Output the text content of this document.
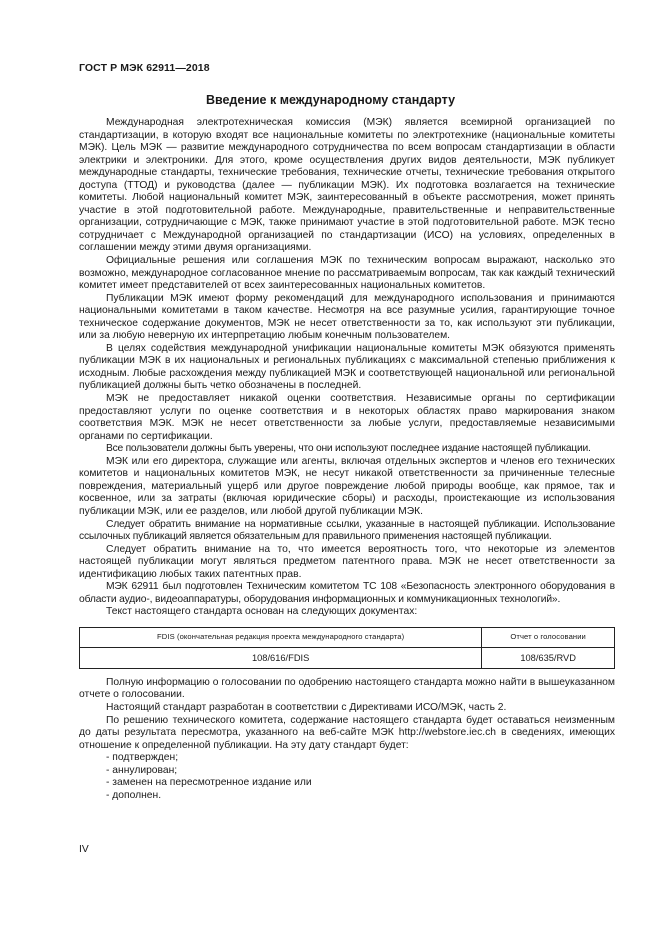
ГОСТ Р МЭК 62911—2018
Введение к международному стандарту

Международная электротехническая комиссия (МЭК) является всемирной организацией по стандартизации, в которую входят все национальные комитеты по электротехнике (национальные комитеты МЭК). Цель МЭК — развитие международного сотрудничества по всем вопросам стандартизации в области электрики и электроники. Для этого, кроме осуществления других видов деятельности, МЭК публикует международные стандарты, технические требования, технические отчеты, технические требования открытого доступа (ТТОД) и руководства (далее — публикации МЭК). Их подготовка возлагается на технические комитеты. Любой национальный комитет МЭК, заинтересованный в объекте рассмотрения, может принять участие в этой подготовительной работе. Международные, правительственные и неправительственные организации, сотрудничающие с МЭК, также принимают участие в этой подготовительной работе. МЭК тесно сотрудничает с Международной организацией по стандартизации (ИСО) на условиях, определенных в соглашении между этими двумя организациями.

Официальные решения или соглашения МЭК по техническим вопросам выражают, насколько это возможно, международное согласованное мнение по рассматриваемым вопросам, так как каждый технический комитет имеет представителей от всех заинтересованных национальных комитетов.

Публикации МЭК имеют форму рекомендаций для международного использования и принимаются национальными комитетами в таком качестве. Несмотря на все разумные усилия, гарантирующие точное техническое содержание документов, МЭК не несет ответственности за то, как используют эти публикации, или за любую неверную их интерпретацию любым конечным пользователем.

В целях содействия международной унификации национальные комитеты МЭК обязуются применять публикации МЭК в их национальных и региональных публикациях с максимальной степенью приближения к исходным. Любые расхождения между публикацией МЭК и соответствующей национальной или региональной публикацией должны быть четко обозначены в последней.

МЭК не предоставляет никакой оценки соответствия. Независимые органы по сертификации предоставляют услуги по оценке соответствия и в некоторых областях право маркирования знаком соответствия МЭК. МЭК не несет ответственности за любые услуги, предоставляемые независимыми органами по сертификации.

Все пользователи должны быть уверены, что они используют последнее издание настоящей публикации.

МЭК или его директора, служащие или агенты, включая отдельных экспертов и членов его технических комитетов и национальных комитетов МЭК, не несут никакой ответственности за причиненные телесные повреждения, материальный ущерб или другое повреждение любой природы вообще, как прямое, так и косвенное, или за затраты (включая юридические сборы) и расходы, проистекающие из использования публикации МЭК, или ее разделов, или любой другой публикации МЭК.

Следует обратить внимание на нормативные ссылки, указанные в настоящей публикации. Использование ссылочных публикаций является обязательным для правильного применения настоящей публикации.

Следует обратить внимание на то, что имеется вероятность того, что некоторые из элементов настоящей публикации могут являться предметом патентного права. МЭК не несет ответственности за идентификацию любых таких патентных прав.

МЭК 62911 был подготовлен Техническим комитетом ТС 108 «Безопасность электронного оборудования в области аудио-, видеоаппаратуры, оборудования информационных и коммуникационных технологий».

Текст настоящего стандарта основан на следующих документах:

FDIS (окончательная редакция проекта международного стандарта)	Отчет о голосовании
108/616/FDIS	108/635/RVD

Полную информацию о голосовании по одобрению настоящего стандарта можно найти в вышеуказанном отчете о голосовании.

Настоящий стандарт разработан в соответствии с Директивами ИСО/МЭК, часть 2.

По решению технического комитета, содержание настоящего стандарта будет оставаться неизменным до даты результата пересмотра, указанного на веб-сайте МЭК http://webstore.iec.ch в сведениях, имеющих отношение к определенной публикации. На эту дату стандарт будет:

- подтвержден;
- аннулирован;
- заменен на пересмотренное издание или
- дополнен.
IV
